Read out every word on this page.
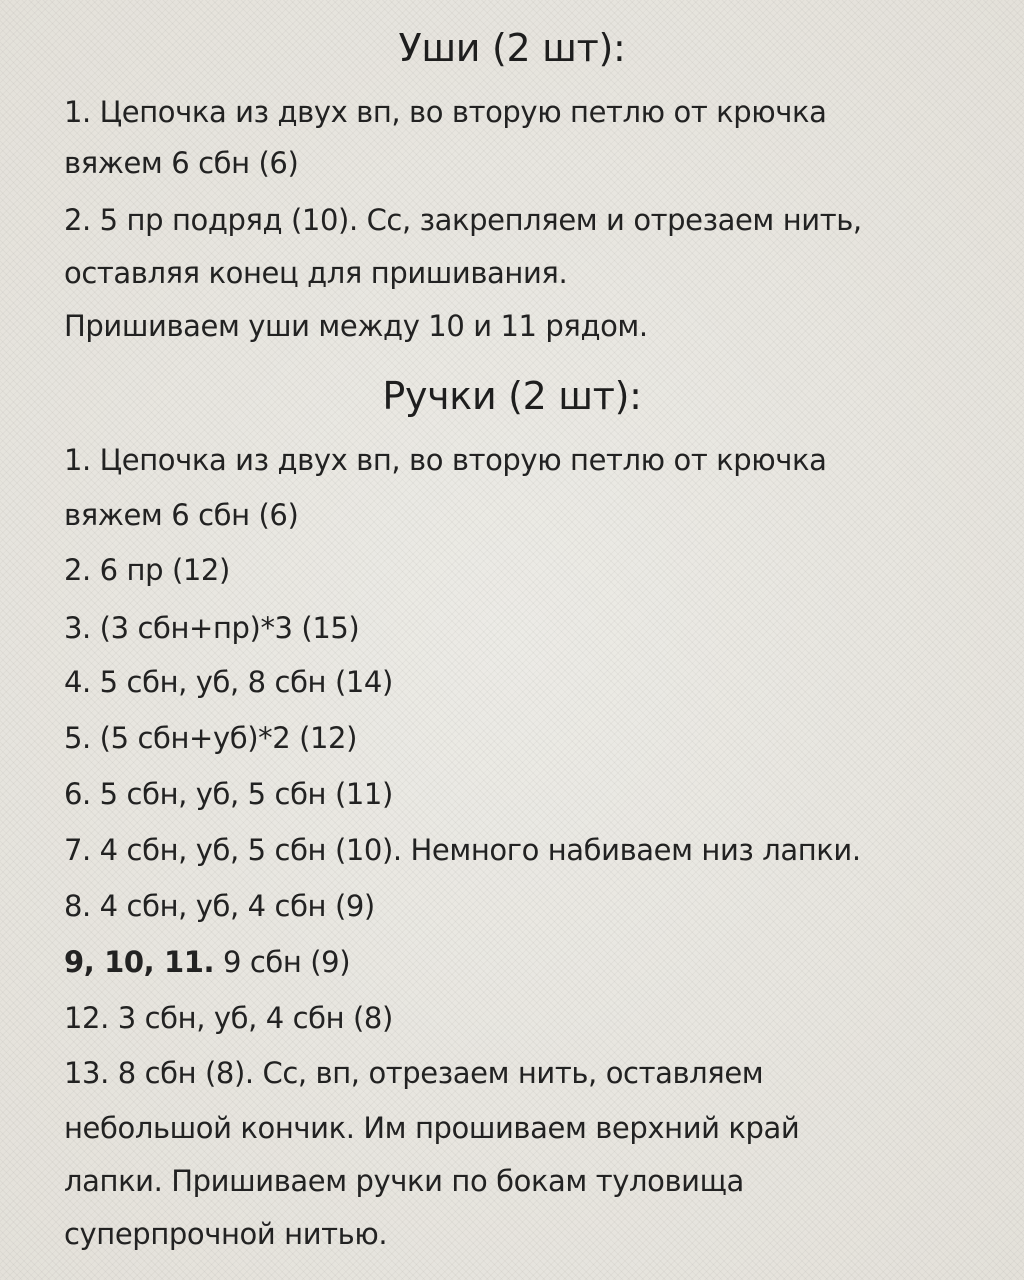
Уши (2 шт):
1. Цепочка из двух вп, во вторую петлю от крючка
вяжем 6 сбн (6)
2. 5 пр подряд (10). Сс, закрепляем и отрезаем нить,
оставляя конец для пришивания.
Пришиваем уши между 10 и 11 рядом.
Ручки (2 шт):
1. Цепочка из двух вп, во вторую петлю от крючка
вяжем 6 сбн (6)
2. 6 пр (12)
3. (3 сбн+пр)*3 (15)
4. 5 сбн, уб, 8 сбн (14)
5. (5 сбн+уб)*2 (12)
6. 5 сбн, уб, 5 сбн (11)
7. 4 сбн, уб, 5 сбн (10). Немного набиваем низ лапки.
8. 4 сбн, уб, 4 сбн (9)
9, 10, 11. 9 сбн (9)
12. 3 сбн, уб, 4 сбн (8)
13. 8 сбн (8). Сс, вп, отрезаем нить, оставляем
небольшой кончик. Им прошиваем верхний край
лапки. Пришиваем ручки по бокам туловища
суперпрочной нитью.
